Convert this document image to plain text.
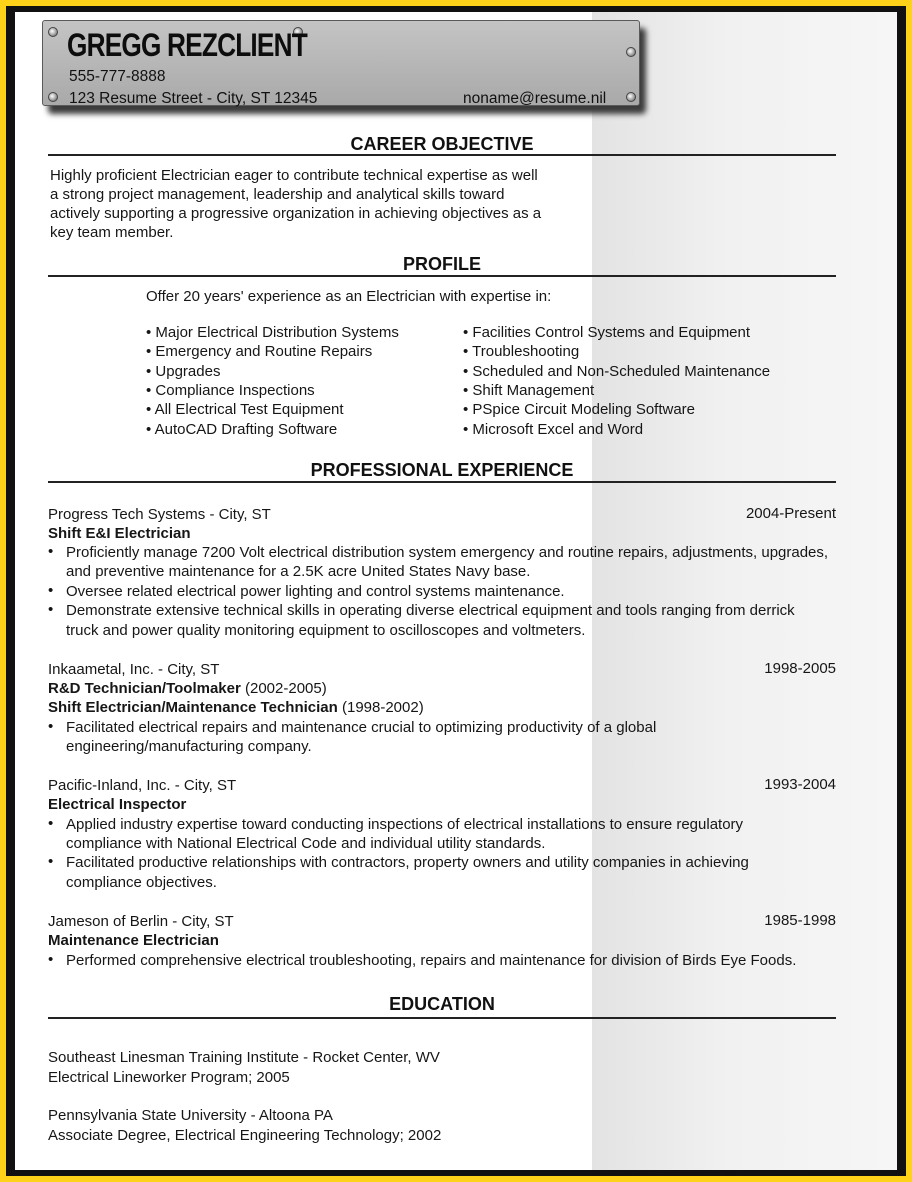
GREGG REZCLIENT
555-777-8888
123 Resume Street - City, ST 12345	noname@resume.nil
CAREER OBJECTIVE
Highly proficient Electrician eager to contribute technical expertise as well
a strong project management, leadership and analytical skills toward
actively supporting a progressive organization in achieving objectives as a
key team member.
PROFILE
Offer 20 years' experience as an Electrician with expertise in:
• Major Electrical Distribution Systems
• Emergency and Routine Repairs
• Upgrades
• Compliance Inspections
• All Electrical Test Equipment
• AutoCAD Drafting Software
• Facilities Control Systems and Equipment
• Troubleshooting
• Scheduled and Non-Scheduled Maintenance
• Shift Management
• PSpice Circuit Modeling Software
• Microsoft Excel and Word
PROFESSIONAL EXPERIENCE
Progress Tech Systems - City, ST	2004-Present
Shift E&I Electrician
• Proficiently manage 7200 Volt electrical distribution system emergency and routine repairs, adjustments, upgrades,
and preventive maintenance for a 2.5K acre United States Navy base.
• Oversee related electrical power lighting and control systems maintenance.
• Demonstrate extensive technical skills in operating diverse electrical equipment and tools ranging from derrick
truck and power quality monitoring equipment to oscilloscopes and voltmeters.
Inkaametal, Inc. - City, ST	1998-2005
R&D Technician/Toolmaker (2002-2005)
Shift Electrician/Maintenance Technician (1998-2002)
• Facilitated electrical repairs and maintenance crucial to optimizing productivity of a global
engineering/manufacturing company.
Pacific-Inland, Inc. - City, ST	1993-2004
Electrical Inspector
• Applied industry expertise toward conducting inspections of electrical installations to ensure regulatory
compliance with National Electrical Code and individual utility standards.
• Facilitated productive relationships with contractors, property owners and utility companies in achieving
compliance objectives.
Jameson of Berlin - City, ST	1985-1998
Maintenance Electrician
• Performed comprehensive electrical troubleshooting, repairs and maintenance for division of Birds Eye Foods.
EDUCATION
Southeast Linesman Training Institute - Rocket Center, WV
Electrical Lineworker Program; 2005
Pennsylvania State University - Altoona PA
Associate Degree, Electrical Engineering Technology; 2002
